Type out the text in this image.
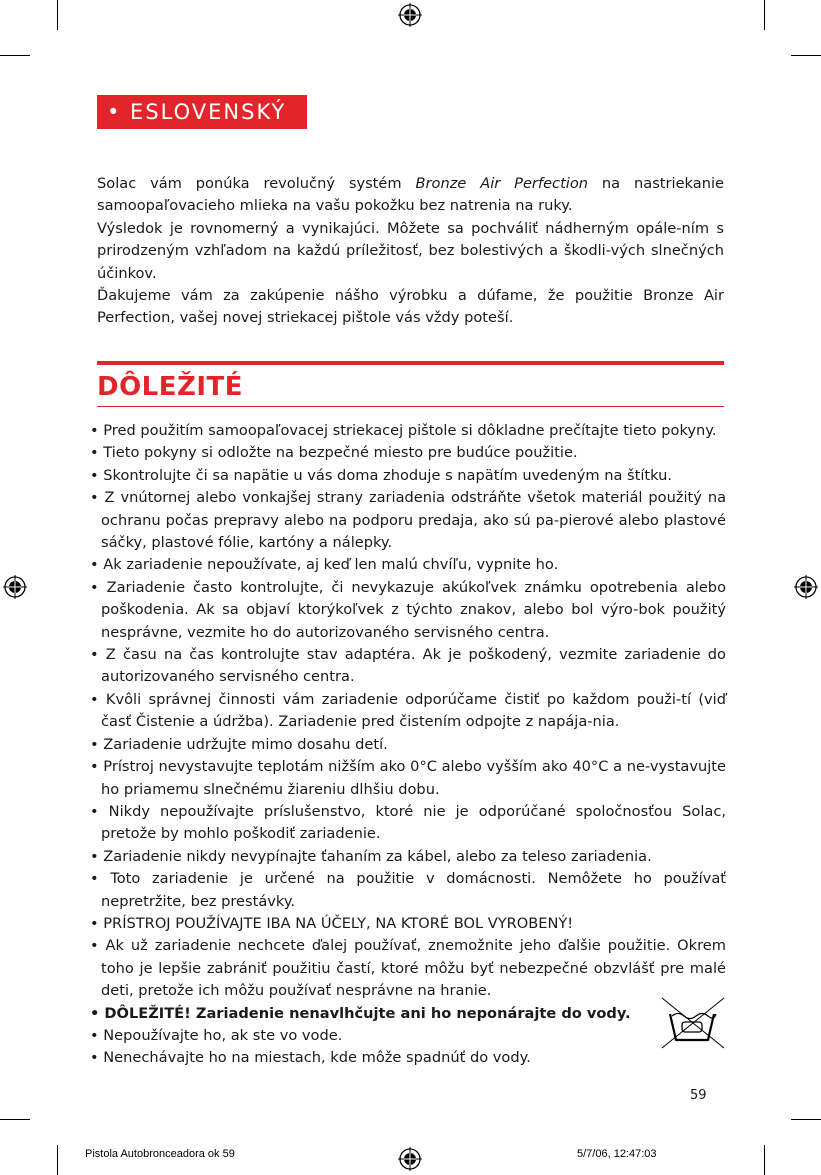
• ESLOVENSKÝ

Solac vám ponúka revolučný systém Bronze Air Perfection na nastriekanie samoopaľovacieho mlieka na vašu pokožku bez natrenia na ruky.

Výsledok je rovnomerný a vynikajúci. Môžete sa pochváliť nádherným opále-ním s prirodzeným vzhľadom na každú príležitosť, bez bolestivých a škodli-vých slnečných účinkov.

Ďakujeme vám za zakúpenie nášho výrobku a dúfame, že použitie Bronze Air Perfection, vašej novej striekacej pištole vás vždy poteší.

DÔLEŽITÉ
• Pred použitím samoopaľovacej striekacej pištole si dôkladne prečítajte tieto pokyny.
• Tieto pokyny si odložte na bezpečné miesto pre budúce použitie.
• Skontrolujte či sa napätie u vás doma zhoduje s napätím uvedeným na štítku.
• Z vnútornej alebo vonkajšej strany zariadenia odstráňte všetok materiál použitý na ochranu počas prepravy alebo na podporu predaja, ako sú pa-pierové alebo plastové sáčky, plastové fólie, kartóny a nálepky.
• Ak zariadenie nepoužívate, aj keď len malú chvíľu, vypnite ho.
• Zariadenie často kontrolujte, či nevykazuje akúkoľvek známku opotrebenia alebo poškodenia. Ak sa objaví ktorýkoľvek z týchto znakov, alebo bol výro-bok použitý nesprávne, vezmite ho do autorizovaného servisného centra.
• Z času na čas kontrolujte stav adaptéra. Ak je poškodený, vezmite zariadenie do autorizovaného servisného centra.
• Kvôli správnej činnosti vám zariadenie odporúčame čistiť po každom použi-tí (viď časť Čistenie a údržba). Zariadenie pred čistením odpojte z napája-nia.
• Zariadenie udržujte mimo dosahu detí.
• Prístroj nevystavujte teplotám nižším ako 0°C alebo vyšším ako 40°C a ne-vystavujte ho priamemu slnečnému žiareniu dlhšiu dobu.
• Nikdy nepoužívajte príslušenstvo, ktoré nie je odporúčané spoločnosťou Solac, pretože by mohlo poškodiť zariadenie.
• Zariadenie nikdy nevypínajte ťahaním za kábel, alebo za teleso zariadenia.
• Toto zariadenie je určené na použitie v domácnosti. Nemôžete ho používať nepretržite, bez prestávky.
• PRÍSTROJ POUŽÍVAJTE IBA NA ÚČELY, NA KTORÉ BOL VYROBENÝ!
• Ak už zariadenie nechcete ďalej používať, znemožnite jeho ďalšie použitie. Okrem toho je lepšie zabrániť použitiu častí, ktoré môžu byť nebezpečné obzvlášť pre malé deti, pretože ich môžu používať nesprávne na hranie.
• DÔLEŽITÉ! Zariadenie nenavlhčujte ani ho neponárajte do vody.
• Nepoužívajte ho, ak ste vo vode.
• Nenechávajte ho na miestach, kde môže spadnúť do vody.
59
Pistola Autobronceadora ok 59	5/7/06, 12:47:03
